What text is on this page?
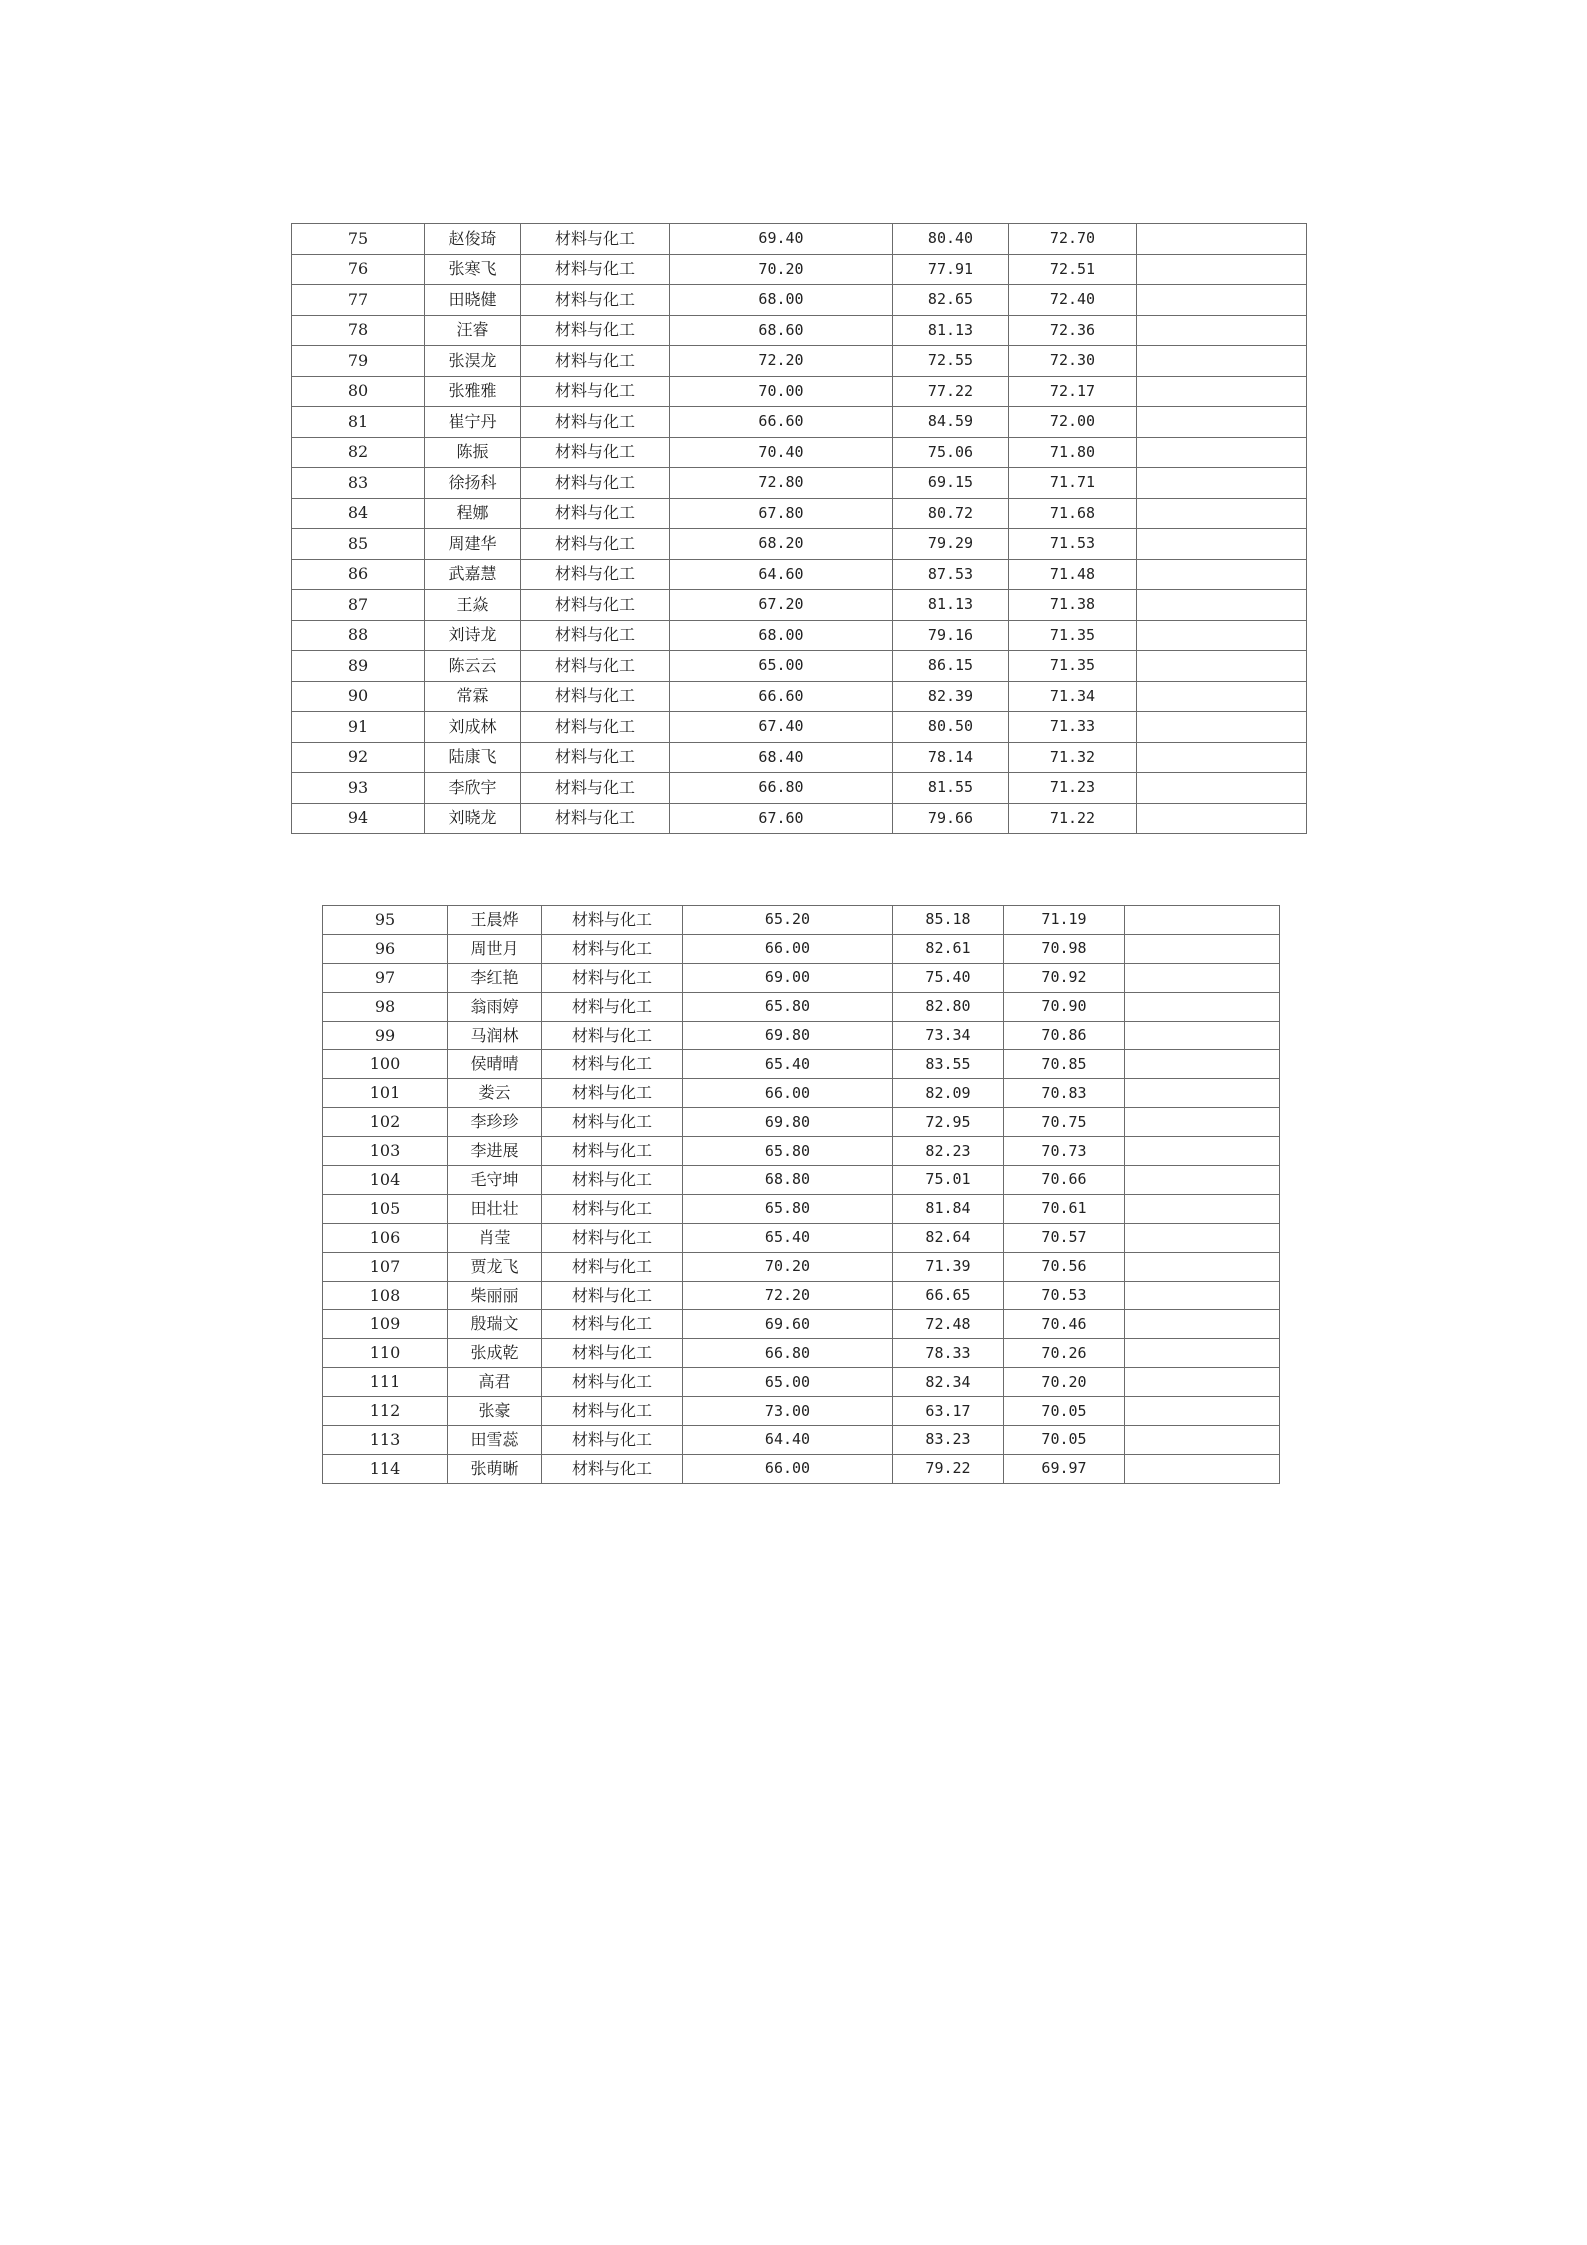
75	赵俊琦	材料与化工	69.40	80.40	72.70	
76	张寒飞	材料与化工	70.20	77.91	72.51	
77	田晓健	材料与化工	68.00	82.65	72.40	
78	汪睿	材料与化工	68.60	81.13	72.36	
79	张淏龙	材料与化工	72.20	72.55	72.30	
80	张雅雅	材料与化工	70.00	77.22	72.17	
81	崔宁丹	材料与化工	66.60	84.59	72.00	
82	陈振	材料与化工	70.40	75.06	71.80	
83	徐扬科	材料与化工	72.80	69.15	71.71	
84	程娜	材料与化工	67.80	80.72	71.68	
85	周建华	材料与化工	68.20	79.29	71.53	
86	武嘉慧	材料与化工	64.60	87.53	71.48	
87	王焱	材料与化工	67.20	81.13	71.38	
88	刘诗龙	材料与化工	68.00	79.16	71.35	
89	陈云云	材料与化工	65.00	86.15	71.35	
90	常霖	材料与化工	66.60	82.39	71.34	
91	刘成林	材料与化工	67.40	80.50	71.33	
92	陆康飞	材料与化工	68.40	78.14	71.32	
93	李欣宇	材料与化工	66.80	81.55	71.23	
94	刘晓龙	材料与化工	67.60	79.66	71.22	
95	王晨烨	材料与化工	65.20	85.18	71.19	
96	周世月	材料与化工	66.00	82.61	70.98	
97	李红艳	材料与化工	69.00	75.40	70.92	
98	翁雨婷	材料与化工	65.80	82.80	70.90	
99	马润林	材料与化工	69.80	73.34	70.86	
100	侯晴晴	材料与化工	65.40	83.55	70.85	
101	娄云	材料与化工	66.00	82.09	70.83	
102	李珍珍	材料与化工	69.80	72.95	70.75	
103	李进展	材料与化工	65.80	82.23	70.73	
104	毛守坤	材料与化工	68.80	75.01	70.66	
105	田壮壮	材料与化工	65.80	81.84	70.61	
106	肖莹	材料与化工	65.40	82.64	70.57	
107	贾龙飞	材料与化工	70.20	71.39	70.56	
108	柴丽丽	材料与化工	72.20	66.65	70.53	
109	殷瑞文	材料与化工	69.60	72.48	70.46	
110	张成乾	材料与化工	66.80	78.33	70.26	
111	高君	材料与化工	65.00	82.34	70.20	
112	张豪	材料与化工	73.00	63.17	70.05	
113	田雪蕊	材料与化工	64.40	83.23	70.05	
114	张萌晰	材料与化工	66.00	79.22	69.97	
